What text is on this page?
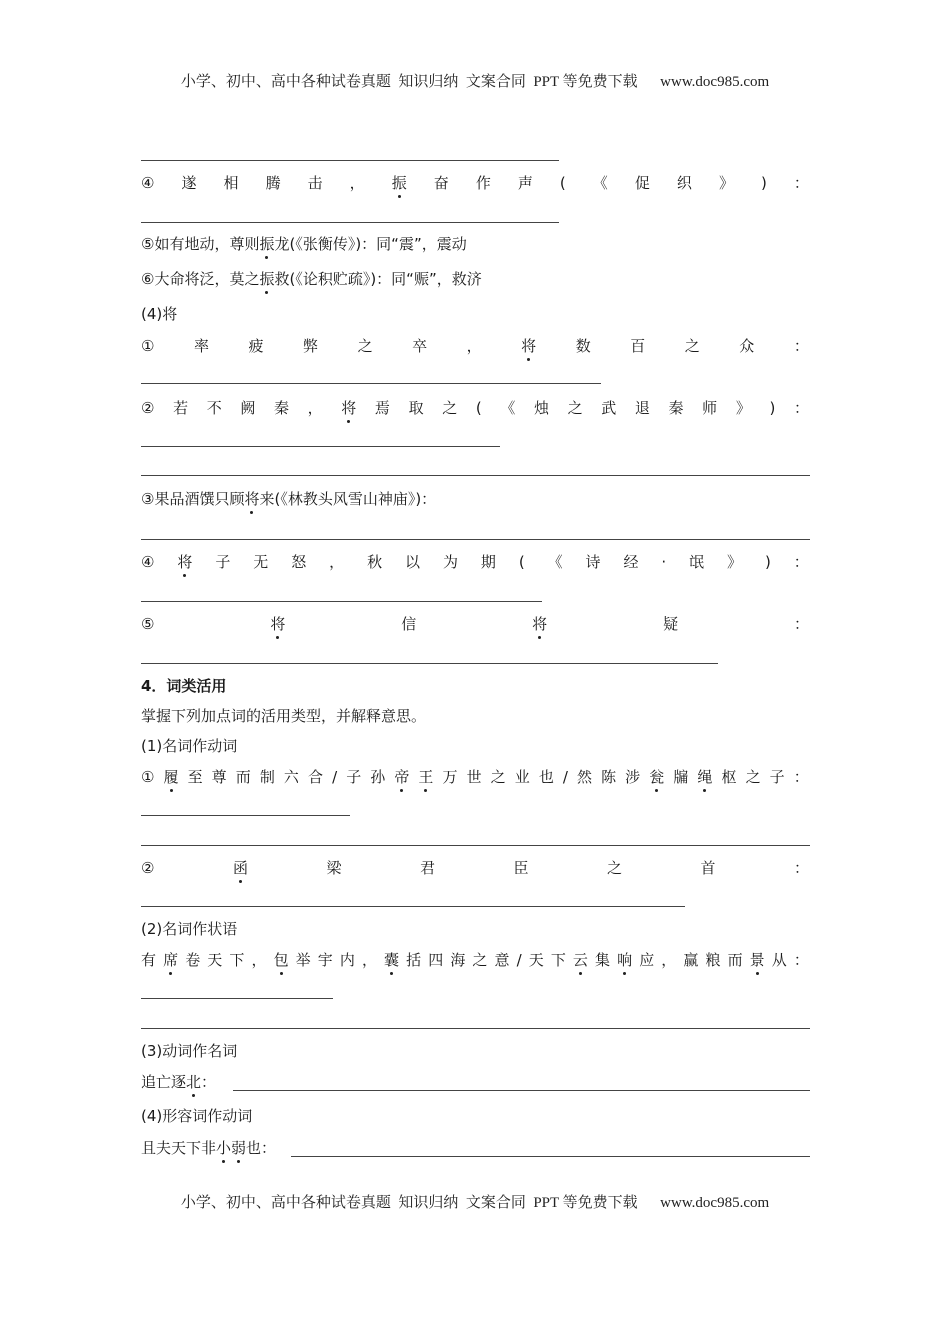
小学、初中、高中各种试卷真题  知识归纳  文案合同  PPT 等免费下载      www.doc985.com
④ 遂 相 腾 击 ， 振 奋 作 声 ( 《 促 织 》 ) ：
⑤如有地动，尊则振龙(《张衡传》)：同“震”，震动
⑥大命将泛，莫之振救(《论积贮疏》)：同“赈”，救济
(4)将
①	率	疲	弊	之	卒	，	将	数	百	之	众	：
② 若 不 阙 秦 ， 将 焉 取 之 ( 《 烛 之 武 退 秦 师 》 ) ：
③果品酒馔只顾将来(《林教头风雪山神庙》)：
④ 将 子 无 怒 ， 秋 以 为 期 ( 《 诗 经 · 氓 》 ) ：
⑤	将	信	将	疑	：
4．词类活用
掌握下列加点词的活用类型，并解释意思。
(1)名词作动词
① 履 至 尊 而 制 六 合 / 子 孙 帝 王 万 世 之 业 也 / 然 陈 涉 瓮 牖 绳 枢 之 子 ：
②	函	梁	君	臣	之	首	：
(2)名词作状语
有 席 卷 天 下 ， 包 举 宇 内 ， 囊 括 四 海 之 意 / 天 下 云 集 响 应 ， 赢 粮 而 景 从 ：
(3)动词作名词
追亡逐北：
(4)形容词作动词
且夫天下非小弱也：
小学、初中、高中各种试卷真题  知识归纳  文案合同  PPT 等免费下载      www.doc985.com
